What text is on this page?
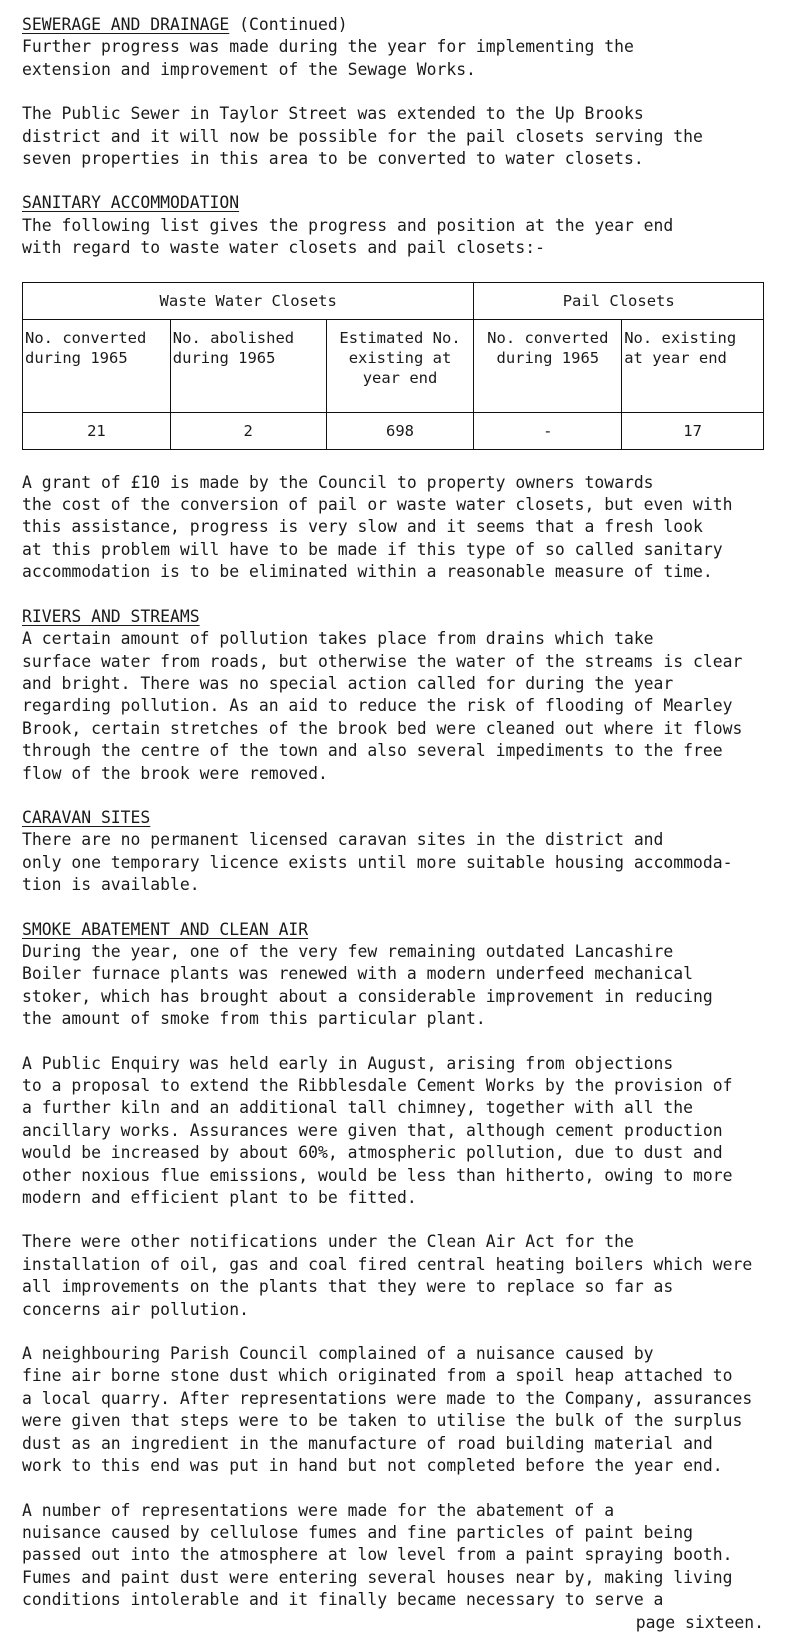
SEWERAGE AND DRAINAGE (Continued)

Further progress was made during the year for implementing the
extension and improvement of the Sewage Works.

The Public Sewer in Taylor Street was extended to the Up Brooks
district and it will now be possible for the pail closets serving the
seven properties in this area to be converted to water closets.

SANITARY ACCOMMODATION

The following list gives the progress and position at the year end
with regard to waste water closets and pail closets:-

Waste Water Closets			Pail Closets	
No. converted
during 1965	No. abolished
during 1965	Estimated No.
existing at
year end	No. converted
during 1965	No. existing
at year end
21	2	698	-	17

A grant of £10 is made by the Council to property owners towards
the cost of the conversion of pail or waste water closets, but even with
this assistance, progress is very slow and it seems that a fresh look
at this problem will have to be made if this type of so called sanitary
accommodation is to be eliminated within a reasonable measure of time.

RIVERS AND STREAMS

A certain amount of pollution takes place from drains which take
surface water from roads, but otherwise the water of the streams is clear
and bright. There was no special action called for during the year
regarding pollution. As an aid to reduce the risk of flooding of Mearley
Brook, certain stretches of the brook bed were cleaned out where it flows
through the centre of the town and also several impediments to the free
flow of the brook were removed.

CARAVAN SITES

There are no permanent licensed caravan sites in the district and
only one temporary licence exists until more suitable housing accommoda-
tion is available.

SMOKE ABATEMENT AND CLEAN AIR

During the year, one of the very few remaining outdated Lancashire
Boiler furnace plants was renewed with a modern underfeed mechanical
stoker, which has brought about a considerable improvement in reducing
the amount of smoke from this particular plant.

A Public Enquiry was held early in August, arising from objections
to a proposal to extend the Ribblesdale Cement Works by the provision of
a further kiln and an additional tall chimney, together with all the
ancillary works. Assurances were given that, although cement production
would be increased by about 60%, atmospheric pollution, due to dust and
other noxious flue emissions, would be less than hitherto, owing to more
modern and efficient plant to be fitted.

There were other notifications under the Clean Air Act for the
installation of oil, gas and coal fired central heating boilers which were
all improvements on the plants that they were to replace so far as
concerns air pollution.

A neighbouring Parish Council complained of a nuisance caused by
fine air borne stone dust which originated from a spoil heap attached to
a local quarry. After representations were made to the Company, assurances
were given that steps were to be taken to utilise the bulk of the surplus
dust as an ingredient in the manufacture of road building material and
work to this end was put in hand but not completed before the year end.

A number of representations were made for the abatement of a
nuisance caused by cellulose fumes and fine particles of paint being
passed out into the atmosphere at low level from a paint spraying booth.
Fumes and paint dust were entering several houses near by, making living
conditions intolerable and it finally became necessary to serve a

page sixteen.
